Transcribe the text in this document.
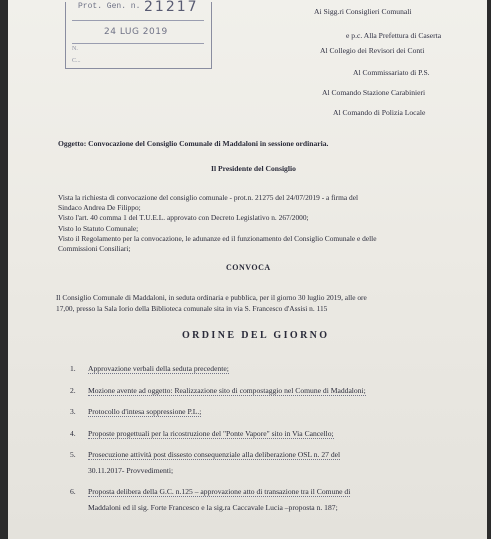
Prot. Gen. n. 21217
24 LUG 2019
N.
C...
Ai Sigg.ri Consiglieri Comunali
e p.c. Alla Prefettura di Caserta
Al Collegio dei Revisori dei Conti
Al Commissariato di P.S.
Al Comando Stazione Carabinieri
Al Comando di Polizia Locale
Oggetto: Convocazione del Consiglio Comunale di Maddaloni in sessione ordinaria.
Il Presidente del Consiglio
Vista la richiesta di convocazione del consiglio comunale - prot.n. 21275 del 24/07/2019 - a firma del
Sindaco Andrea De Filippo;
Visto l'art. 40 comma 1 del T.U.E.L. approvato con Decreto Legislativo n. 267/2000;
Visto lo Statuto Comunale;
Visto il Regolamento per la convocazione, le adunanze ed il funzionamento del Consiglio Comunale e delle
Commissioni Consiliari;
CONVOCA
Il Consiglio Comunale di Maddaloni, in seduta ordinaria e pubblica, per il giorno 30 luglio 2019, alle ore
17,00, presso la Sala Iorio della Biblioteca comunale sita in via S. Francesco d'Assisi n. 115
ORDINE DEL GIORNO
1. Approvazione verbali della seduta precedente;
2. Mozione avente ad oggetto: Realizzazione sito di compostaggio nel Comune di Maddaloni;
3. Protocollo d'intesa soppressione P.L.;
4. Proposte progettuali per la ricostruzione del "Ponte Vapore" sito in Via Cancello;
5. Prosecuzione attività post dissesto consequenziale alla deliberazione OSL n. 27 del
30.11.2017- Provvedimenti;
6. Proposta delibera della G.C. n.125 – approvazione atto di transazione tra il Comune di
Maddaloni ed il sig. Forte Francesco e la sig.ra Caccavale Lucia –proposta n. 187;
